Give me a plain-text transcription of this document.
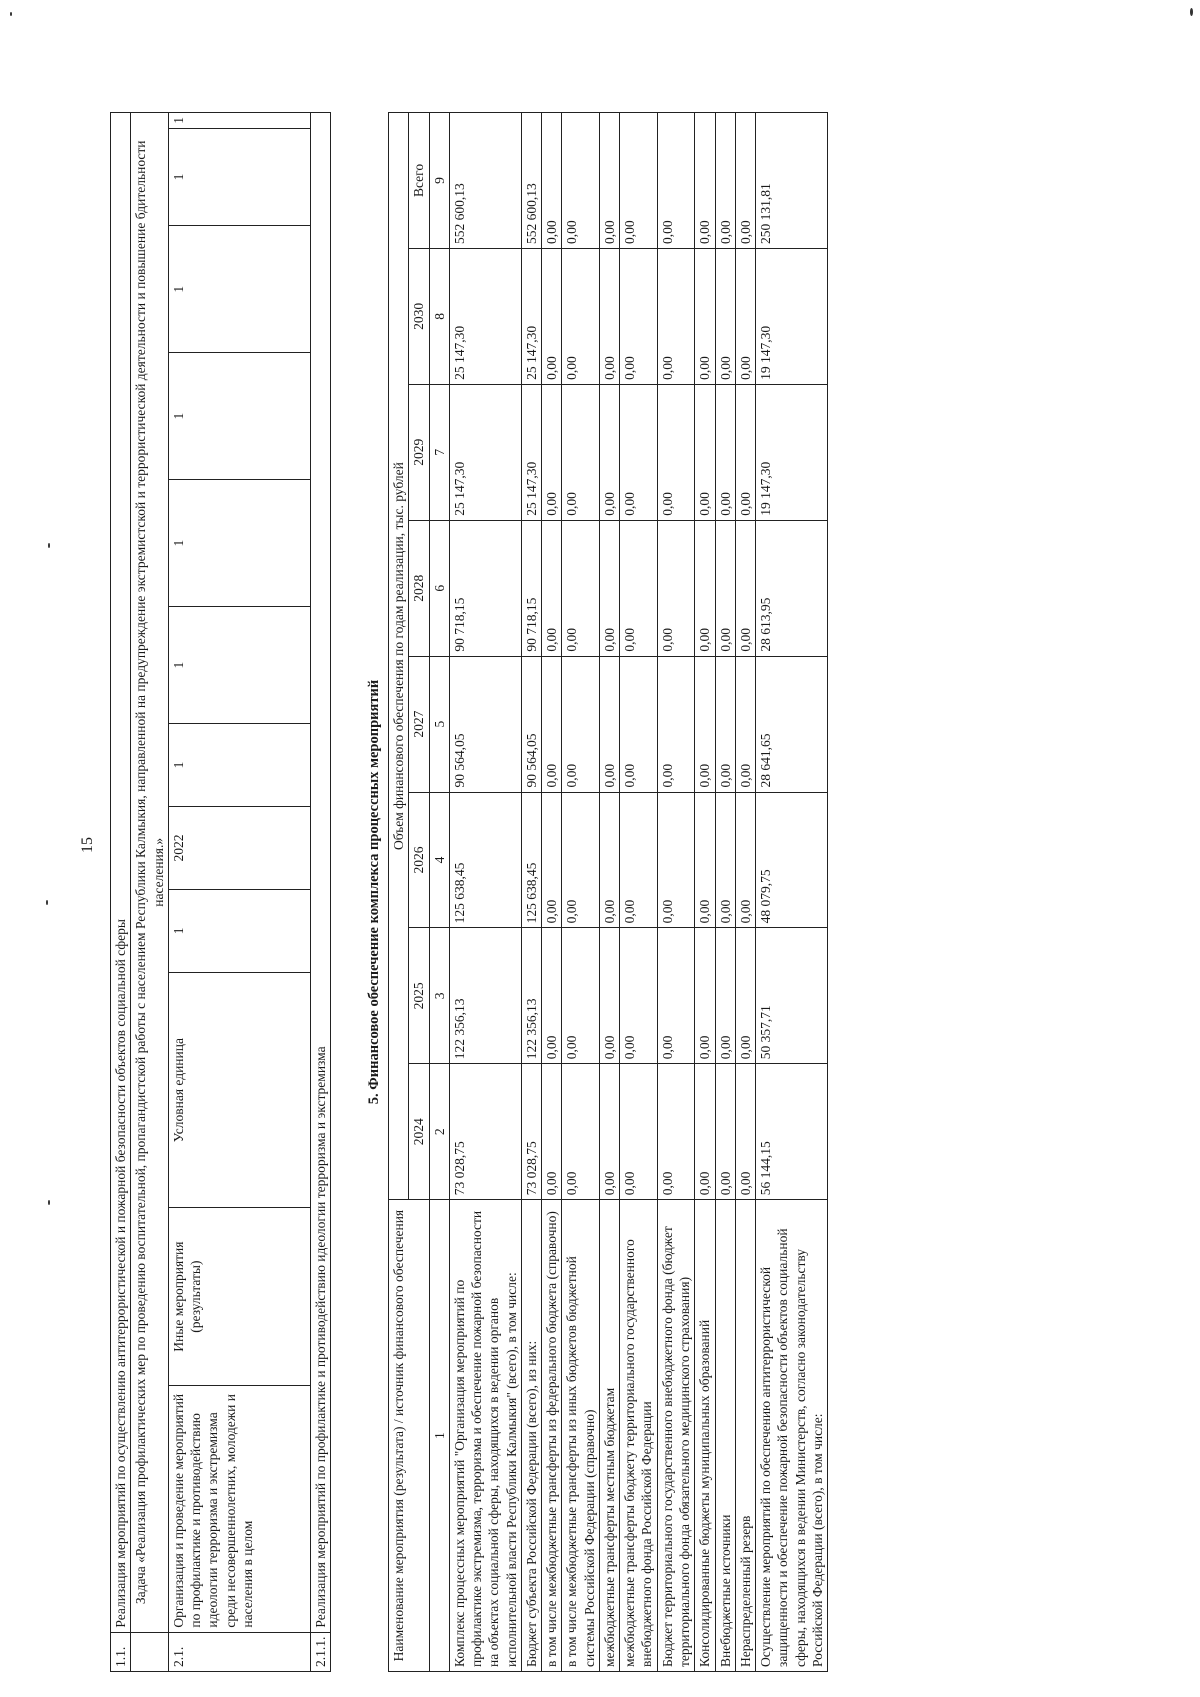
15
1.1.	Реализация мероприятий по осуществлению антитеррористической и пожарной безопасности объектов социальной сферы											
	Задача «Реализация профилактических мер по проведению воспитательной, пропагандистской работы с населением Республики Калмыкия, направленной на предупреждение экстремистской и террористической деятельности и повышение бдительности населения.»											
2.1.	Организация и проведение мероприятий по профилактике и противодействию идеологии терроризма и экстремизма среди несовершеннолетних, молодежи и населения в целом	Иные мероприятия (результаты)	Условная единица	1	2022	1	1	1	1	1	1	1
2.1.1.	Реализация мероприятий по профилактике и противодействию идеологии терроризма и экстремизма											
5. Финансовое обеспечение комплекса процессных мероприятий
Наименование мероприятия (результата) / источник финансового обеспечения	Объем финансового обеспечения по годам реализации, тыс. рублей							
	2024	2025	2026	2027	2028	2029	2030	Всего
1	2	3	4	5	6	7	8	9
Комплекс процессных мероприятий "Организация мероприятий по профилактике экстремизма, терроризма и обеспечение пожарной безопасности на объектах социальной сферы, находящихся в ведении органов исполнительной власти Республики Калмыкия" (всего), в том числе:	73 028,75	122 356,13	125 638,45	90 564,05	90 718,15	25 147,30	25 147,30	552 600,13
Бюджет субъекта Российской Федерации (всего), из них:	73 028,75	122 356,13	125 638,45	90 564,05	90 718,15	25 147,30	25 147,30	552 600,13
в том числе межбюджетные трансферты из федерального бюджета (справочно)	0,00	0,00	0,00	0,00	0,00	0,00	0,00	0,00
в том числе межбюджетные трансферты из иных бюджетов бюджетной системы Российской Федерации (справочно)	0,00	0,00	0,00	0,00	0,00	0,00	0,00	0,00
межбюджетные трансферты местным бюджетам	0,00	0,00	0,00	0,00	0,00	0,00	0,00	0,00
межбюджетные трансферты бюджету территориального государственного внебюджетного фонда Российской Федерации	0,00	0,00	0,00	0,00	0,00	0,00	0,00	0,00
Бюджет территориального государственного внебюджетного фонда (бюджет территориального фонда обязательного медицинского страхования)	0,00	0,00	0,00	0,00	0,00	0,00	0,00	0,00
Консолидированные бюджеты муниципальных образований	0,00	0,00	0,00	0,00	0,00	0,00	0,00	0,00
Внебюджетные источники	0,00	0,00	0,00	0,00	0,00	0,00	0,00	0,00
Нераспределенный резерв	0,00	0,00	0,00	0,00	0,00	0,00	0,00	0,00
Осуществление мероприятий по обеспечению антитеррористической защищенности и обеспечение пожарной безопасности объектов социальной сферы, находящихся в ведении Министерств, согласно законодательству Российской Федерации (всего), в том числе:	56 144,15	50 357,71	48 079,75	28 641,65	28 613,95	19 147,30	19 147,30	250 131,81
